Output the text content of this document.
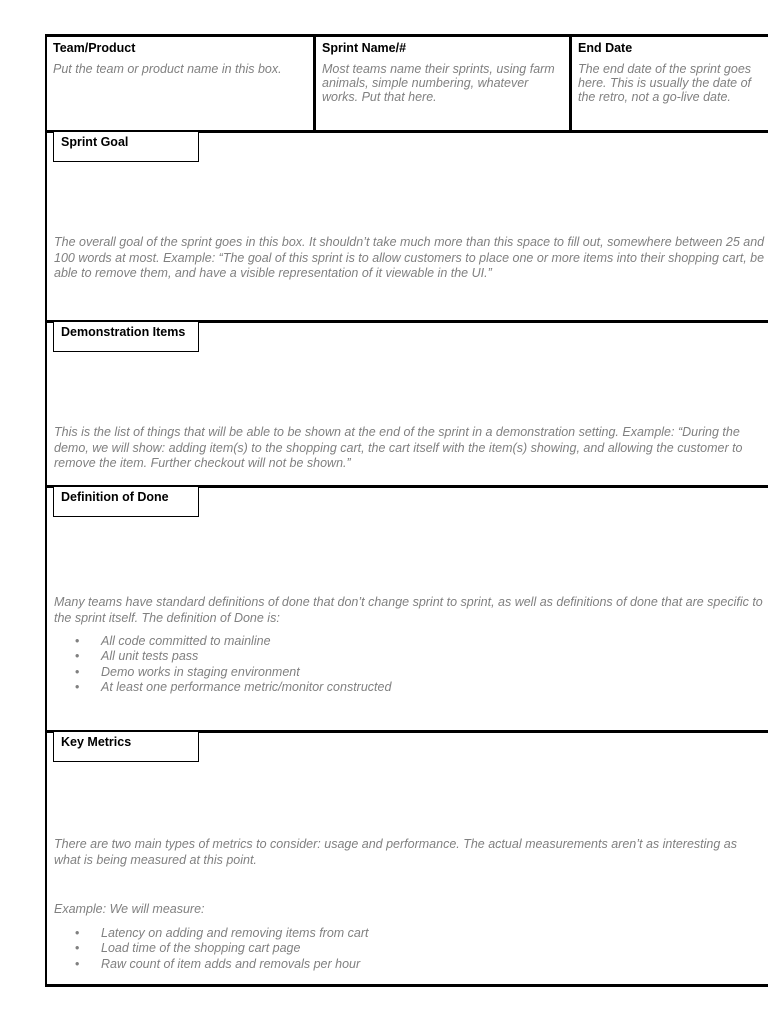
Team/Product

Put the team or product name in this box.

Sprint Name/#

Most teams name their sprints, using farm animals, simple numbering, whatever works. Put that here.

End Date

The end date of the sprint goes here. This is usually the date of the retro, not a go-live date.

Sprint Goal

The overall goal of the sprint goes in this box. It shouldn’t take much more than this space to fill out, somewhere between 25 and 100 words at most. Example: “The goal of this sprint is to allow customers to place one or more items into their shopping cart, be able to remove them, and have a visible representation of it viewable in the UI.”

Demonstration Items

This is the list of things that will be able to be shown at the end of the sprint in a demonstration setting. Example: “During the demo, we will show: adding item(s) to the shopping cart, the cart itself with the item(s) showing, and allowing the customer to remove the item. Further checkout will not be shown.”

Definition of Done

Many teams have standard definitions of done that don’t change sprint to sprint, as well as definitions of done that are specific to the sprint itself. The definition of Done is:

• All code committed to mainline
• All unit tests pass
• Demo works in staging environment
• At least one performance metric/monitor constructed
Key Metrics

There are two main types of metrics to consider: usage and performance. The actual measurements aren’t as interesting as what is being measured at this point.

Example: We will measure:

• Latency on adding and removing items from cart
• Load time of the shopping cart page
• Raw count of item adds and removals per hour
